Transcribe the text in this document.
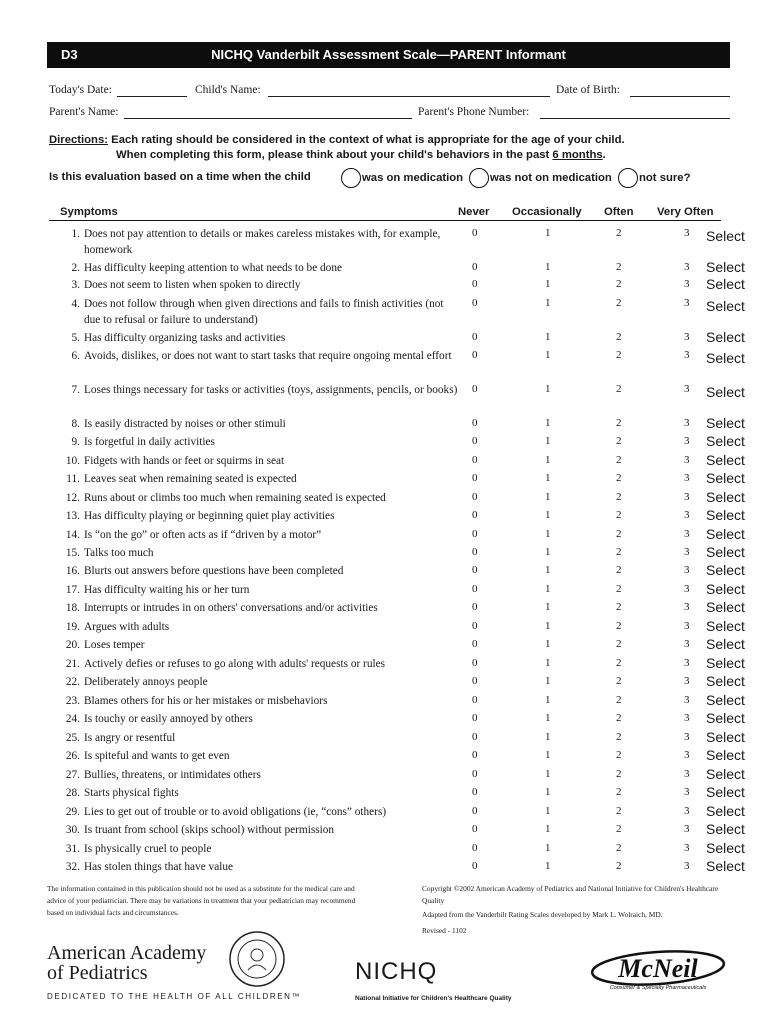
D3	NICHQ Vanderbilt Assessment Scale—PARENT Informant
Today's Date:	Child's Name:	Date of Birth:
Parent's Name:	Parent's Phone Number:
Directions: Each rating should be considered in the context of what is appropriate for the age of your child.
When completing this form, please think about your child's behaviors in the past 6 months.
Is this evaluation based on a time when the child	was on medication was not on medication not sure?
Symptoms	Never Occasionally Often Very Often
1. Does not pay attention to details or makes careless mistakes with, for example, homework
0	1	2	3 Select
2. Has difficulty keeping attention to what needs to be done	0	1	2	3 Select
3. Does not seem to listen when spoken to directly	0	1	2	3 Select
4. Does not follow through when given directions and fails to finish activities (not due to refusal or failure to understand)
0	1	2	3 Select
5. Has difficulty organizing tasks and activities	0	1	2	3 Select
6. Avoids, dislikes, or does not want to start tasks that require ongoing mental effort 0	1	2	3 Select
7. Loses things necessary for tasks or activities (toys, assignments, pencils, or books) 0	1	2	3 Select
8. Is easily distracted by noises or other stimuli	0	1	2	3 Select
9. Is forgetful in daily activities	0	1	2	3 Select
10. Fidgets with hands or feet or squirms in seat	0	1	2	3 Select
11. Leaves seat when remaining seated is expected	0	1	2	3 Select
12. Runs about or climbs too much when remaining seated is expected	0	1	2	3 Select
13. Has difficulty playing or beginning quiet play activities	0	1	2	3 Select
14. Is “on the go” or often acts as if “driven by a motor”	0	1	2	3 Select
15. Talks too much	0	1	2	3 Select
16. Blurts out answers before questions have been completed	0	1	2	3 Select
17. Has difficulty waiting his or her turn	0	1	2	3 Select
18. Interrupts or intrudes in on others' conversations and/or activities	0	1	2	3 Select
19. Argues with adults	0	1	2	3 Select
20. Loses temper	0	1	2	3 Select
21. Actively defies or refuses to go along with adults' requests or rules	0	1	2	3 Select
22. Deliberately annoys people	0	1	2	3 Select
23. Blames others for his or her mistakes or misbehaviors	0	1	2	3 Select
24. Is touchy or easily annoyed by others	0	1	2	3 Select
25. Is angry or resentful	0	1	2	3 Select
26. Is spiteful and wants to get even	0	1	2	3 Select
27. Bullies, threatens, or intimidates others	0	1	2	3 Select
28. Starts physical fights	0	1	2	3 Select
29. Lies to get out of trouble or to avoid obligations (ie, “cons” others)	0	1	2	3 Select
30. Is truant from school (skips school) without permission	0	1	2	3 Select
31. Is physically cruel to people	0	1	2	3 Select
32. Has stolen things that have value	0	1	2	3 Select
The information contained in this publication should not be used as a substitute for the medical care and advice of your pediatrician. There may be variations in treatment that your pediatrician may recommend based on individual facts and circumstances.
Copyright ©2002 American Academy of Pediatrics and National Initiative for Children's Healthcare Quality
Adapted from the Vanderbilt Rating Scales developed by Mark L. Wolraich, MD.
Revised - 1102
American Academy
of Pediatrics
DEDICATED TO THE HEALTH OF ALL CHILDREN™
NICHQ
National Initiative for Children's Healthcare Quality
McNeil
Consumer & Specialty Pharmaceuticals
